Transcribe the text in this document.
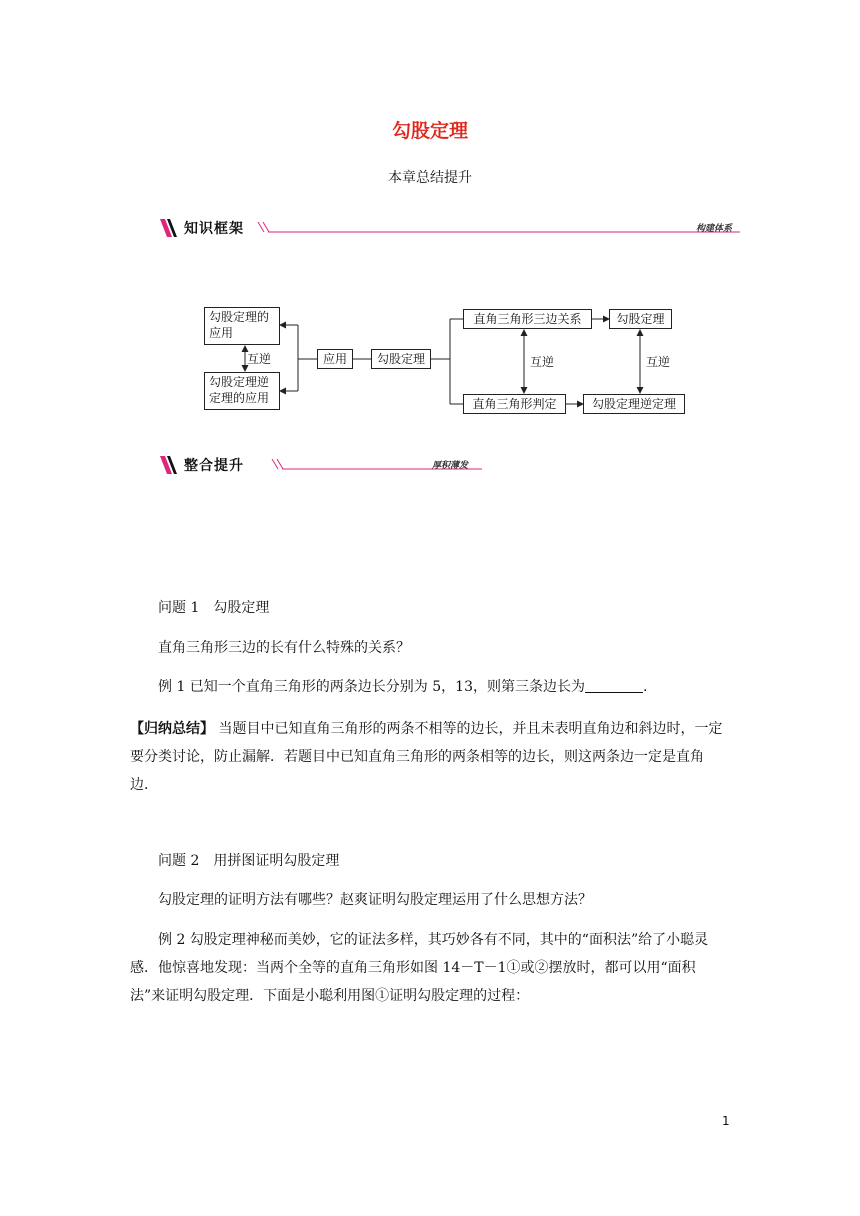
勾股定理
本章总结提升
知识框架	构建体系
勾股定理的
应用
互逆
勾股定理逆
定理的应用
应用	勾股定理
直角三角形三边关系	勾股定理
互逆	互逆
直角三角形判定	勾股定理逆定理
整合提升	厚积薄发
问题 1　勾股定理
直角三角形三边的长有什么特殊的关系？
例 1 已知一个直角三角形的两条边长分别为 5，13，则第三条边长为	.
【归纳总结】 当题目中已知直角三角形的两条不相等的边长，并且未表明直角边和斜边时，一定要分类讨论，防止漏解．若题目中已知直角三角形的两条相等的边长，则这两条边一定是直角边．
问题 2　用拼图证明勾股定理
勾股定理的证明方法有哪些？赵爽证明勾股定理运用了什么思想方法？
例 2 勾股定理神秘而美妙，它的证法多样，其巧妙各有不同，其中的“面积法”给了小聪灵感．他惊喜地发现：当两个全等的直角三角形如图 14－T－1①或②摆放时，都可以用“面积法”来证明勾股定理．下面是小聪利用图①证明勾股定理的过程：
1
